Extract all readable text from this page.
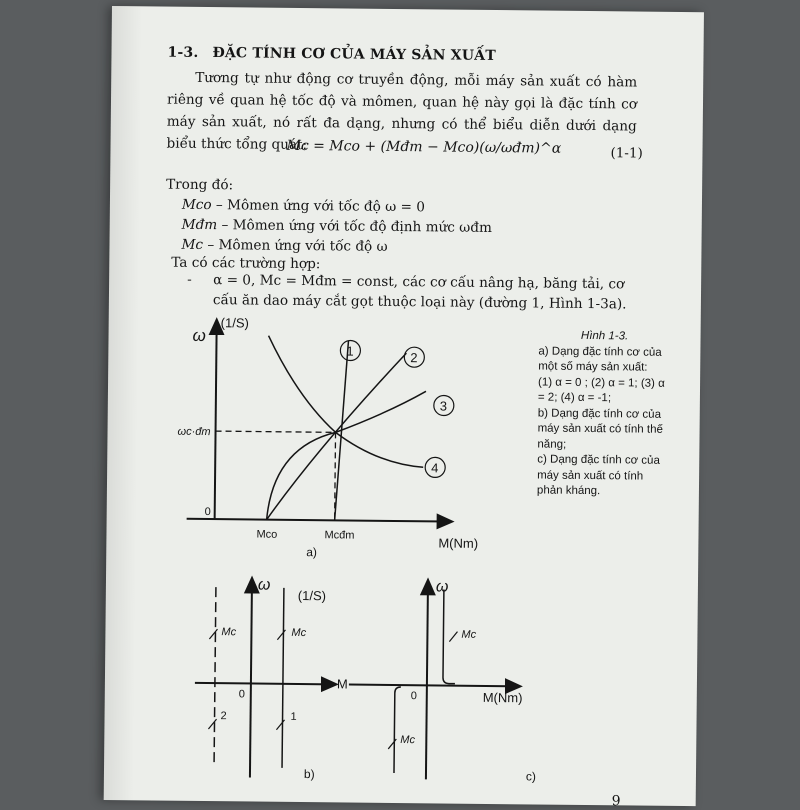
1-3. ĐẶC TÍNH CƠ CỦA MÁY SẢN XUẤT
Tương tự như động cơ truyền động, mỗi máy sản xuất có hàm riêng về quan hệ tốc độ và mômen, quan hệ này gọi là đặc tính cơ máy sản xuất, nó rất đa dạng, nhưng có thể biểu diễn dưới dạng biểu thức tổng quát:
Mc = Mco + (Mđm − Mco)(ω/ωđm)^α	(1-1)
Trong đó:
Mco – Mômen ứng với tốc độ ω = 0
Mđm – Mômen ứng với tốc độ định mức ωđm
Mc – Mômen ứng với tốc độ ω
Ta có các trường hợp:
-	α = 0, Mc = Mđm = const, các cơ cấu nâng hạ, băng tải, cơ cấu ăn dao máy cắt gọt thuộc loại này (đường 1, Hình 1-3a).
Hình 1-3.
a) Dạng đặc tính cơ của một số máy sản xuất:
(1) α = 0 ; (2) α = 1; (3) α = 2; (4) α = -1;
b) Dạng đặc tính cơ của máy sản xuất có tính thế năng;
c) Dạng đặc tính cơ của máy sản xuất có tính phản kháng.
ω
(1/S)
ωc·đm
0
Mco	Mcđm
M(Nm)
a)
1	2
3
4
ω
(1/S)
0
M
b)
Mc	Mc
2	1
ω
0	M(Nm)
c)
Mc
Mc
9
